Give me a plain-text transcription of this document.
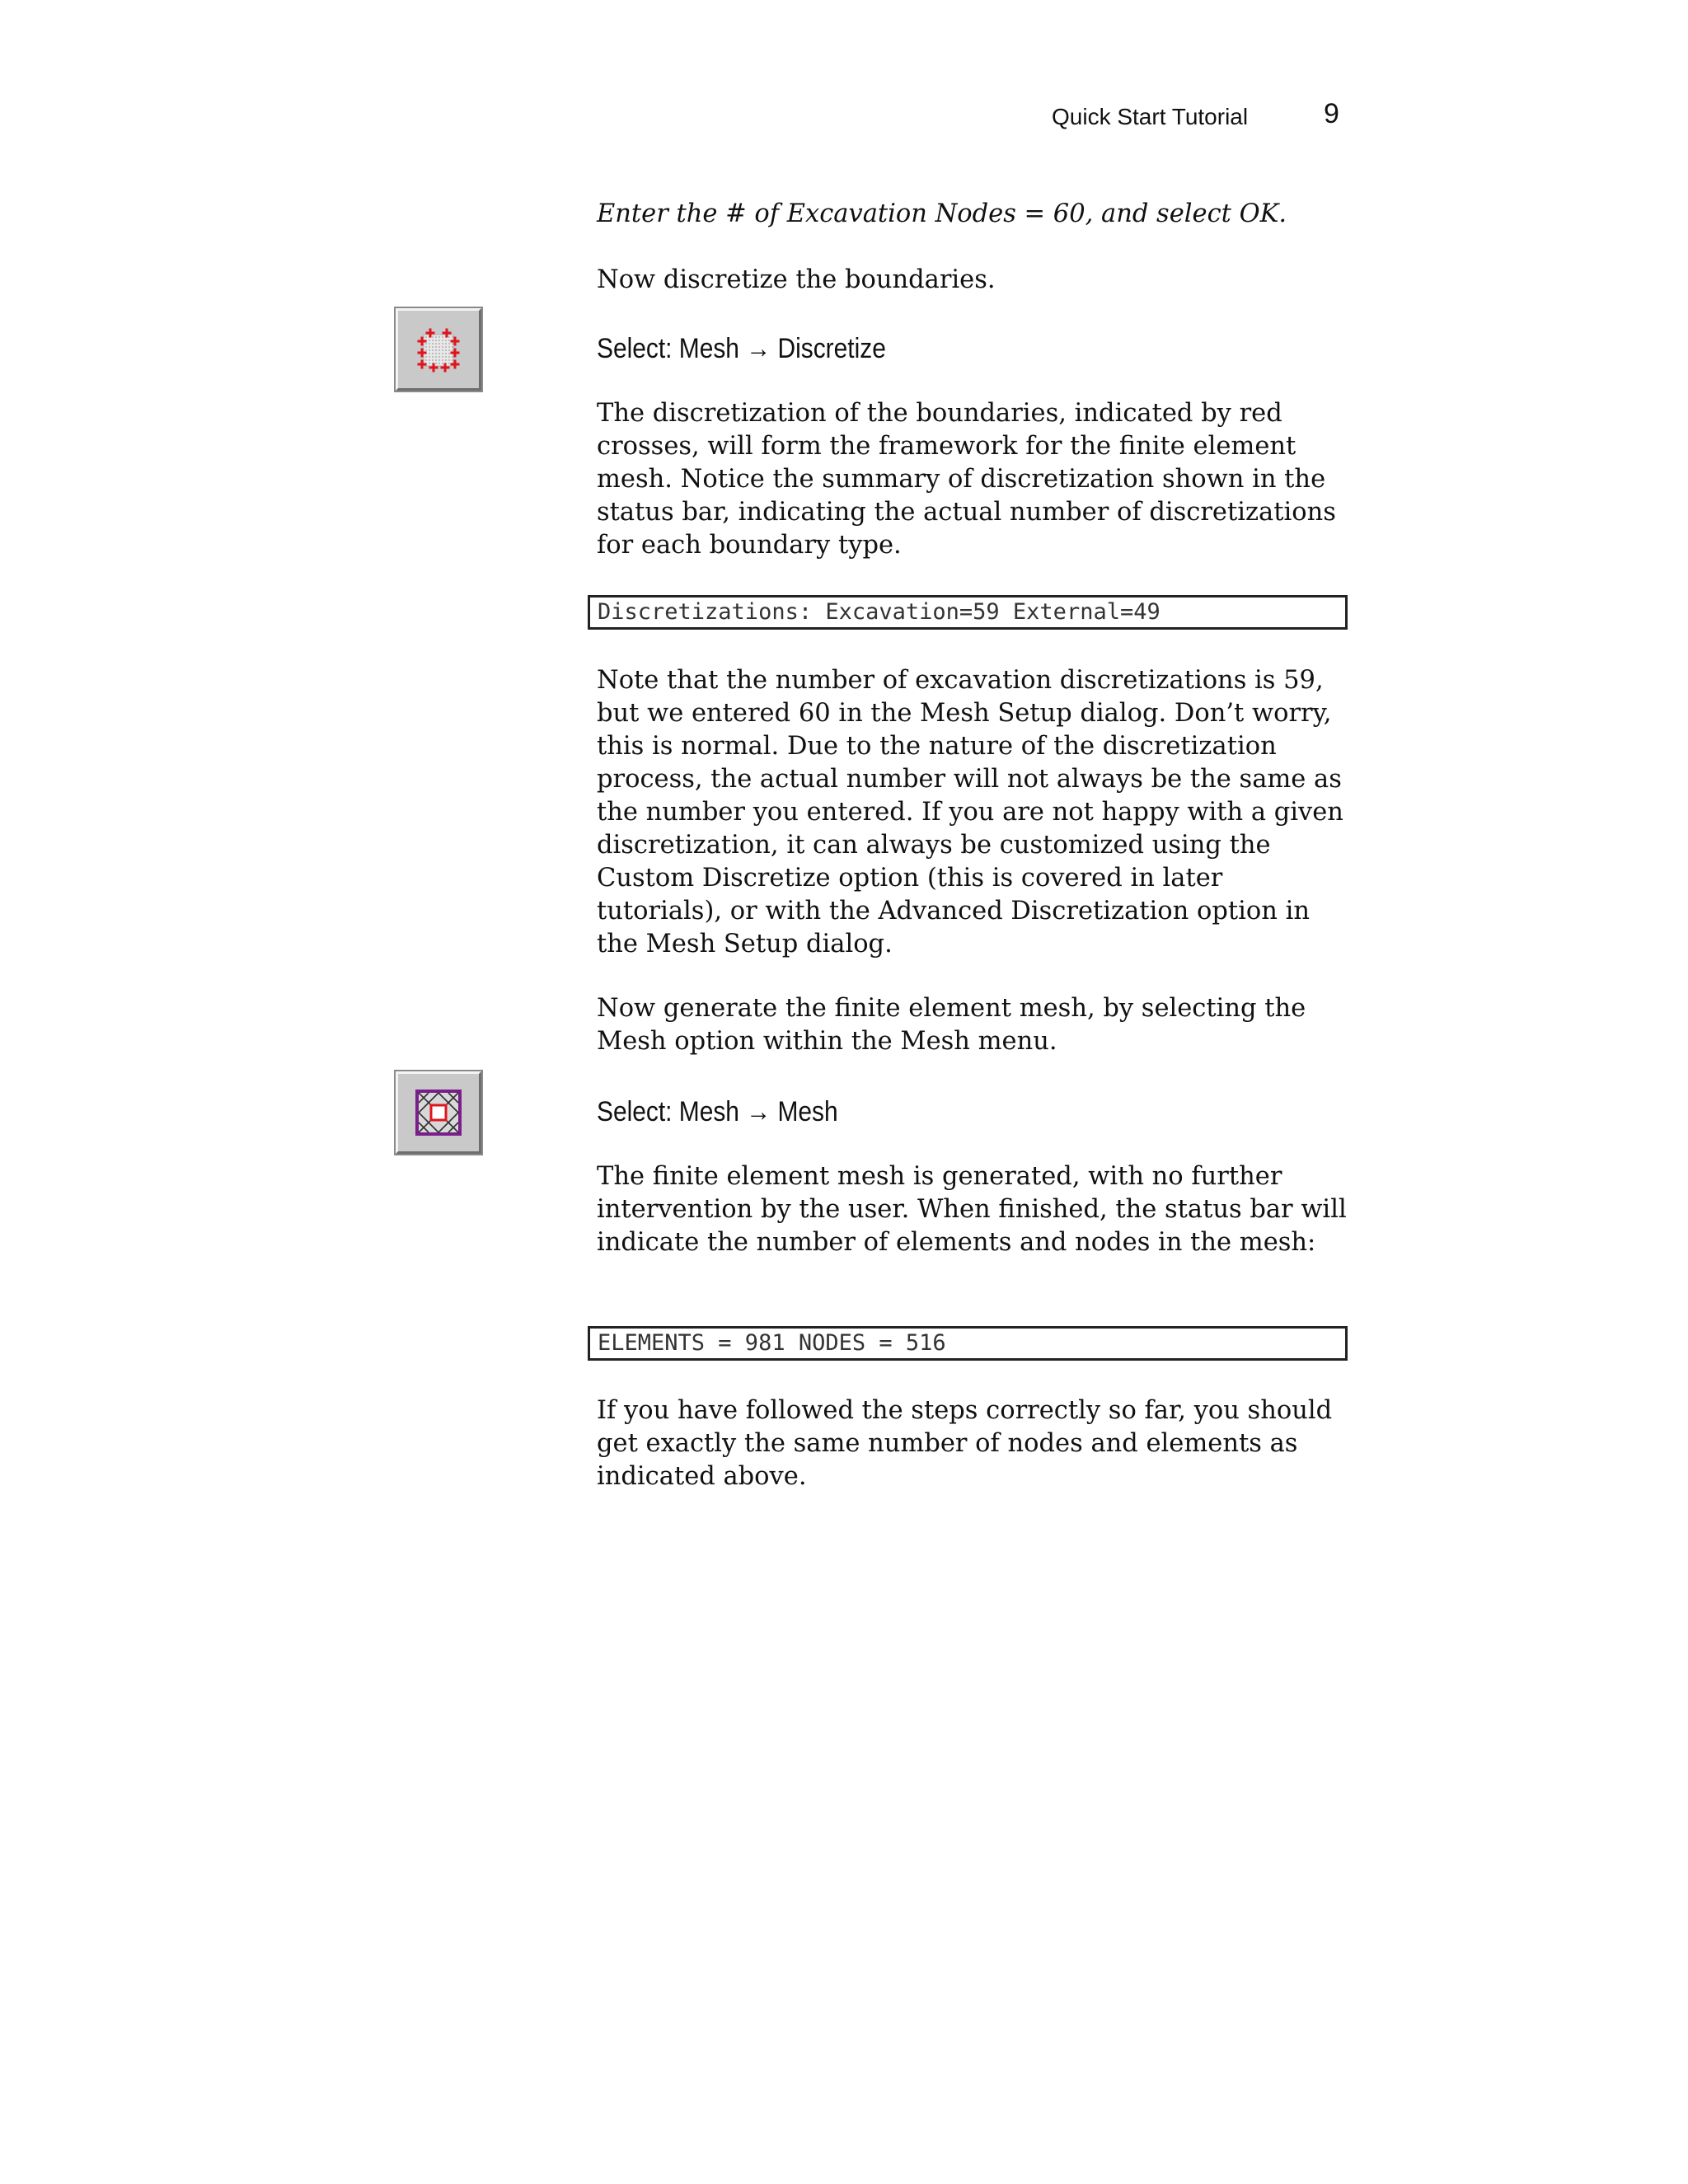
Quick Start Tutorial	9

Enter the # of Excavation Nodes = 60, and select OK.

Now discretize the boundaries.

Select: Mesh → Discretize

The discretization of the boundaries, indicated by red crosses, will form the framework for the finite element mesh. Notice the summary of discretization shown in the status bar, indicating the actual number of discretizations for each boundary type.

Discretizations: Excavation=59 External=49

Note that the number of excavation discretizations is 59, but we entered 60 in the Mesh Setup dialog. Don’t worry, this is normal. Due to the nature of the discretization process, the actual number will not always be the same as the number you entered. If you are not happy with a given discretization, it can always be customized using the Custom Discretize option (this is covered in later tutorials), or with the Advanced Discretization option in the Mesh Setup dialog.

Now generate the finite element mesh, by selecting the Mesh option within the Mesh menu.

Select: Mesh → Mesh

The finite element mesh is generated, with no further intervention by the user. When finished, the status bar will indicate the number of elements and nodes in the mesh:

ELEMENTS = 981 NODES = 516

If you have followed the steps correctly so far, you should get exactly the same number of nodes and elements as indicated above.
